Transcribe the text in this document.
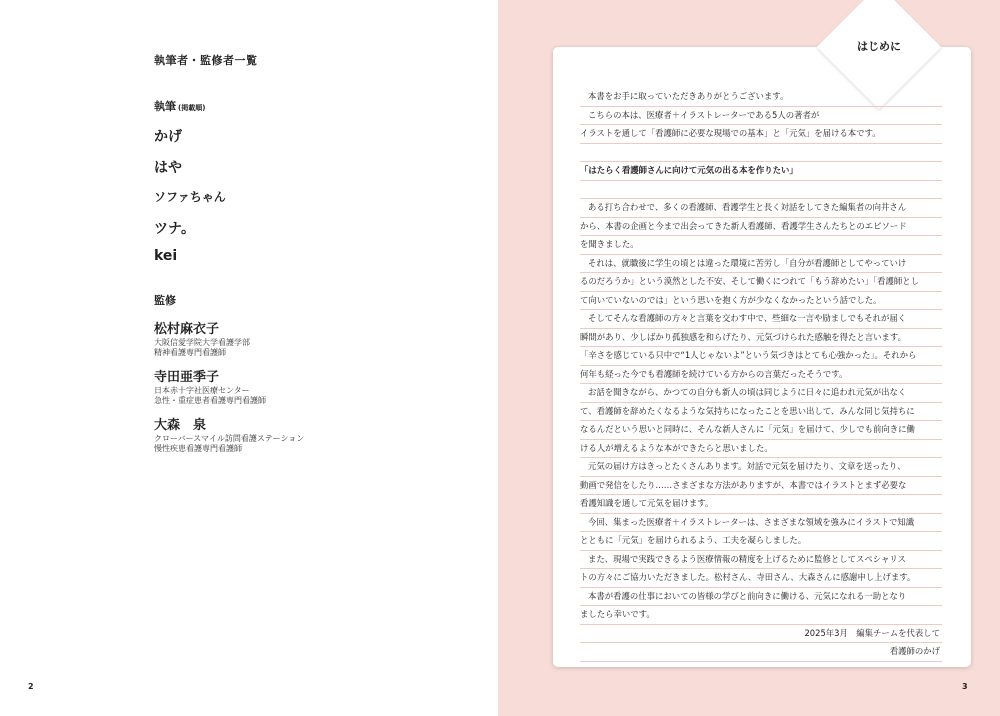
執筆者・監修者一覧
執筆 (掲載順)
かげ
はや
ソファちゃん
ツナ。
kei
監修
松村麻衣子
大阪信愛学院大学看護学部
精神看護専門看護師
寺田亜季子
日本赤十字社医療センター
急性・重症患者看護専門看護師
大森　泉
クローバースマイル訪問看護ステーション
慢性疾患看護専門看護師
2	3
はじめに
本書をお手に取っていただきありがとうございます。
こちらの本は、医療者＋イラストレーターである5人の著者が
イラストを通して「看護師に必要な現場での基本」と「元気」を届ける本です。
「はたらく看護師さんに向けて元気の出る本を作りたい」
ある打ち合わせで、多くの看護師、看護学生と長く対話をしてきた編集者の向井さん
から、本書の企画と今まで出会ってきた新人看護師、看護学生さんたちとのエピソード
を聞きました。
それは、就職後に学生の頃とは違った環境に苦労し「自分が看護師としてやっていけ
るのだろうか」という漠然とした不安、そして働くにつれて「もう辞めたい」「看護師とし
て向いていないのでは」という思いを抱く方が少なくなかったという話でした。
そしてそんな看護師の方々と言葉を交わす中で、些細な一言や励ましでもそれが届く
瞬間があり、少しばかり孤独感を和らげたり、元気づけられた感触を得たと言います。
「辛さを感じている只中で“1人じゃないよ”という気づきはとても心強かった」。それから
何年も経った今でも看護師を続けている方からの言葉だったそうです。
お話を聞きながら、かつての自分も新人の頃は同じように日々に追われ元気が出なく
て、看護師を辞めたくなるような気持ちになったことを思い出して、みんな同じ気持ちに
なるんだという思いと同時に、そんな新人さんに「元気」を届けて、少しでも前向きに働
ける人が増えるような本ができたらと思いました。
元気の届け方はきっとたくさんあります。対話で元気を届けたり、文章を送ったり、
動画で発信をしたり……さまざまな方法がありますが、本書ではイラストとまず必要な
看護知識を通して元気を届けます。
今回、集まった医療者＋イラストレーターは、さまざまな領域を強みにイラストで知識
とともに「元気」を届けられるよう、工夫を凝らしました。
また、現場で実践できるよう医療情報の精度を上げるために監修としてスペシャリス
トの方々にご協力いただきました。松村さん、寺田さん、大森さんに感謝申し上げます。
本書が看護の仕事においての皆様の学びと前向きに働ける、元気になれる一助となり
ましたら幸いです。
2025年3月　編集チームを代表して
看護師のかげ
